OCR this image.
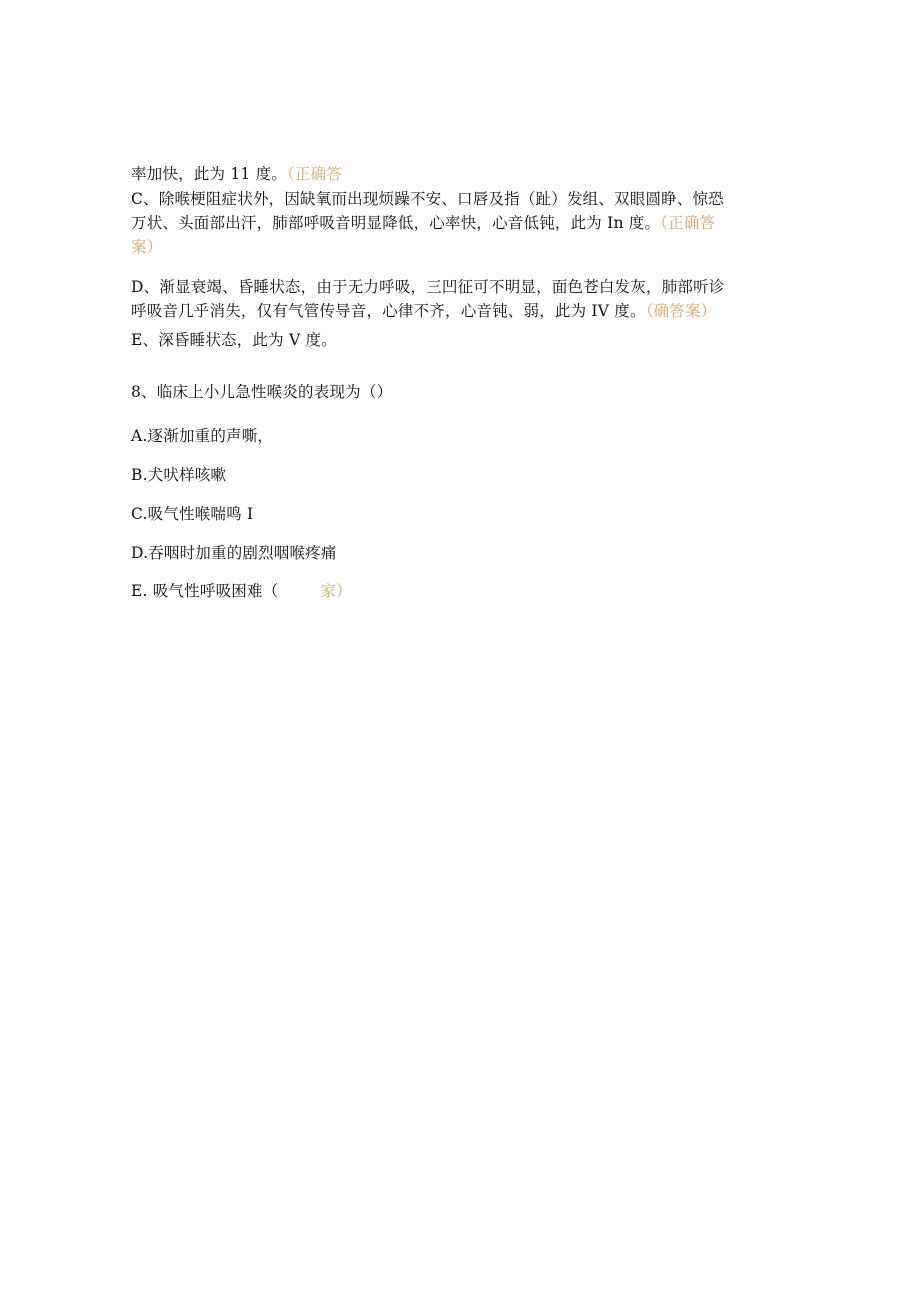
率加快，此为 11 度。（正确答
C、除喉梗阻症状外，因缺氧而出现烦躁不安、口唇及指（趾）发组、双眼圆睁、惊恐
万状、头面部出汗，肺部呼吸音明显降低，心率快，心音低钝，此为 In 度。（正确答
案）
D、渐显衰竭、昏睡状态，由于无力呼吸，三凹征可不明显，面色苍白发灰，肺部听诊
呼吸音几乎消失，仅有气管传导音，心律不齐，心音钝、弱，此为 IV 度。（确答案）
E、深昏睡状态，此为 V 度。
8、临床上小儿急性喉炎的表现为（）
A.逐渐加重的声嘶，
B.犬吠样咳嗽
C.吸气性喉喘鸣 I
D.吞咽时加重的剧烈咽喉疼痛
E. 吸气性呼吸困难（	家）
